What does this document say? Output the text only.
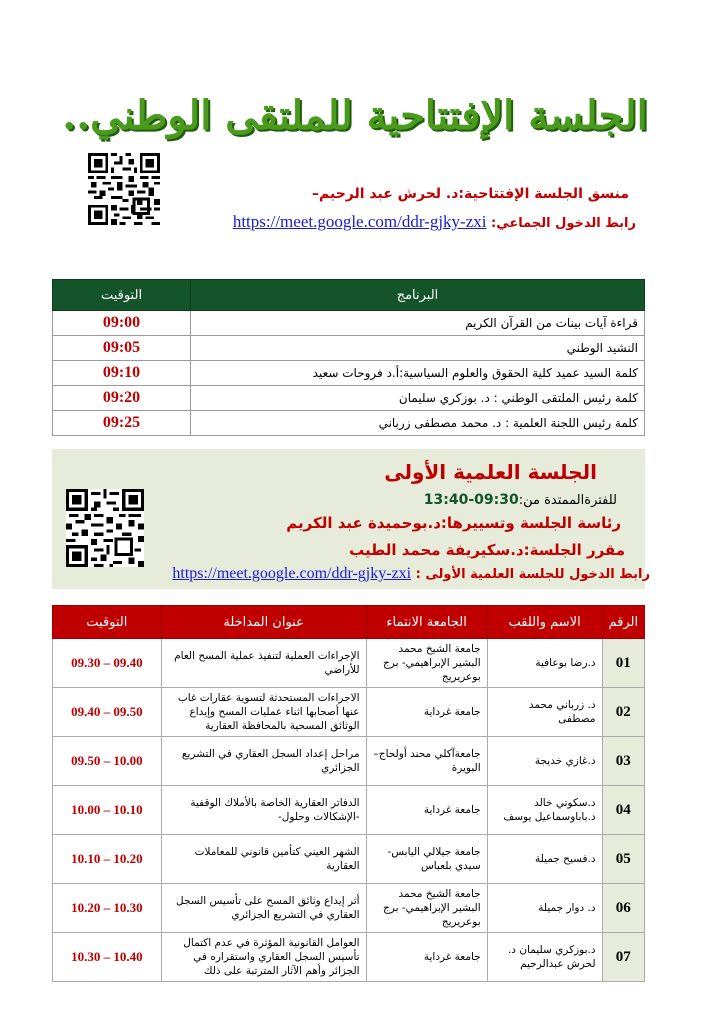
الجلسة الإفتتاحية للملتقى الوطني..
منسق الجلسة الإفتتاحية:د. لحرش عبد الرحيم–
رابط الدخول الجماعي: https://meet.google.com/ddr-gjky-zxi
التوقيت	البرنامج
09:00	قراءة آيات بينات من القرآن الكريم
09:05	النشيد الوطني
09:10	كلمة السيد عميد كلية الحقوق والعلوم السياسية:أ.د فروحات سعيد
09:20	كلمة رئيس الملتقى الوطني : د. بوزكري سليمان
09:25	كلمة رئيس اللجنة العلمية : د. محمد مصطفى زرباني
الجلسة العلمية الأولى
للفترةالممتدة من:09:30-13:40
رئاسة الجلسة وتسييرها:د.بوحميدة عبد الكريم
مقرر الجلسة:د.سكيريفة محمد الطيب
رابط الدخول للجلسة العلمية الأولى : https://meet.google.com/ddr-gjky-zxi
التوقيت	عنوان المداخلة	الجامعة الانتماء	الاسم واللقب	الرقم
09.30 – 09.40	الإجراءات العملية لتنفيذ عملية المسح العام للأراضي	جامعة الشيخ محمد البشير الإبراهيمي- برج بوعريريج	د.رضا بوعافية	01
09.40 – 09.50	الاجراءات المستحدثة لتسوية عقارات غاب عنها أصحابها اثناء عمليات المسح وإيداع الوثائق المسحية بالمحافظة العقارية	جامعة غرداية	د. زرباني محمد مصطفى	02
09.50 – 10.00	مراحل إعداد السجل العقاري في التشريع الجزائري	جامعةآكلي محند أولحاج–البويرة	د.غازي خديجة	03
10.00 – 10.10	الدفاتر العقارية الخاصة بالأملاك الوقفية -الإشكالات وحلول-	جامعة غرداية	د.سكوتي خالد د.باباوسماعيل يوسف	04
10.10 – 10.20	الشهر العيني كتأمين قانوني للمعاملات العقارية	جامعة جيلالي اليابس- سيدي بلعباس	د.فسيح جميلة	05
10.20 – 10.30	أثر إيداع وثائق المسح على تأسيس السجل العقاري في التشريع الجزائري	جامعة الشيخ محمد البشير الإبراهيمي- برج بوعريريج	د. دوار جميلة	06
10.30 – 10.40	العوامل القانونية المؤثرة في عدم اكتمال تأسيس السجل العقاري واستقراره في الجزائر وأهم الآثار المترتبة على ذلك	جامعة غرداية	د.بوزكري سليمان د. لحرش عبدالرحيم	07
